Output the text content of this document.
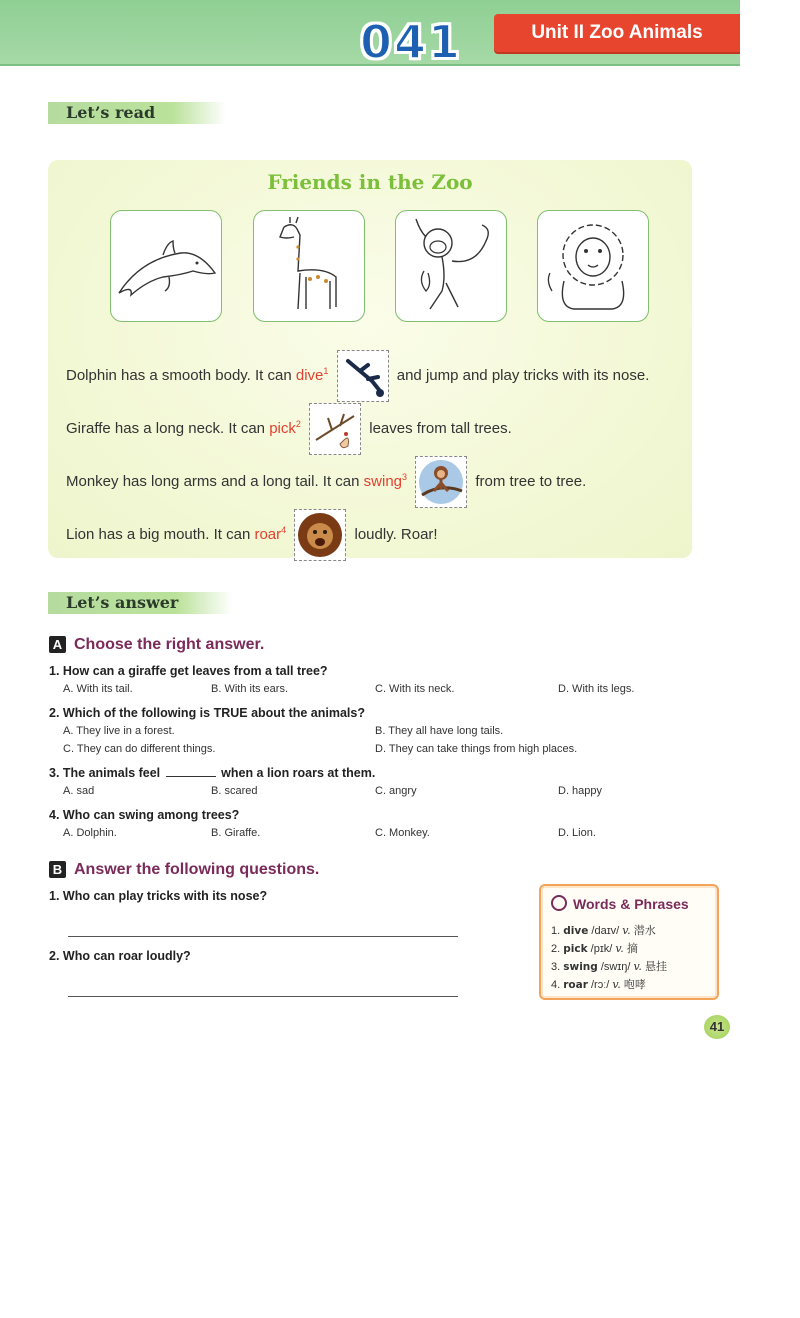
041	Unit II Zoo Animals
Let’s read
Friends in the Zoo
Dolphin has a smooth body. It can dive$^1$	and jump and play tricks with its nose.
Giraffe has a long neck. It can pick$^2$	leaves from tall trees.
Monkey has long arms and a long tail. It can swing$^3$	from tree to tree.
Lion has a big mouth. It can roar$^4$	loudly. Roar!
Let’s answer
A Choose the right answer.
1. How can a giraffe get leaves from a tall tree?
A. With its tail.	B. With its ears.	C. With its neck.	D. With its legs.
2. Which of the following is TRUE about the animals?
A. They live in a forest.	B. They all have long tails.
C. They can do different things.	D. They can take things from high places.
3. The animals feel	when a lion roars at them.
A. sad	B. scared	C. angry	D. happy
4. Who can swing among trees?
A. Dolphin.	B. Giraffe.	C. Monkey.	D. Lion.
B Answer the following questions.
1. Who can play tricks with its nose?
2. Who can roar loudly?
Words & Phrases
1. dive /daɪv/ v. 潜水
2. pick /pɪk/ v. 摘
3. swing /swɪŋ/ v. 悬挂
4. roar /rɔː/ v. 咆哮
41
